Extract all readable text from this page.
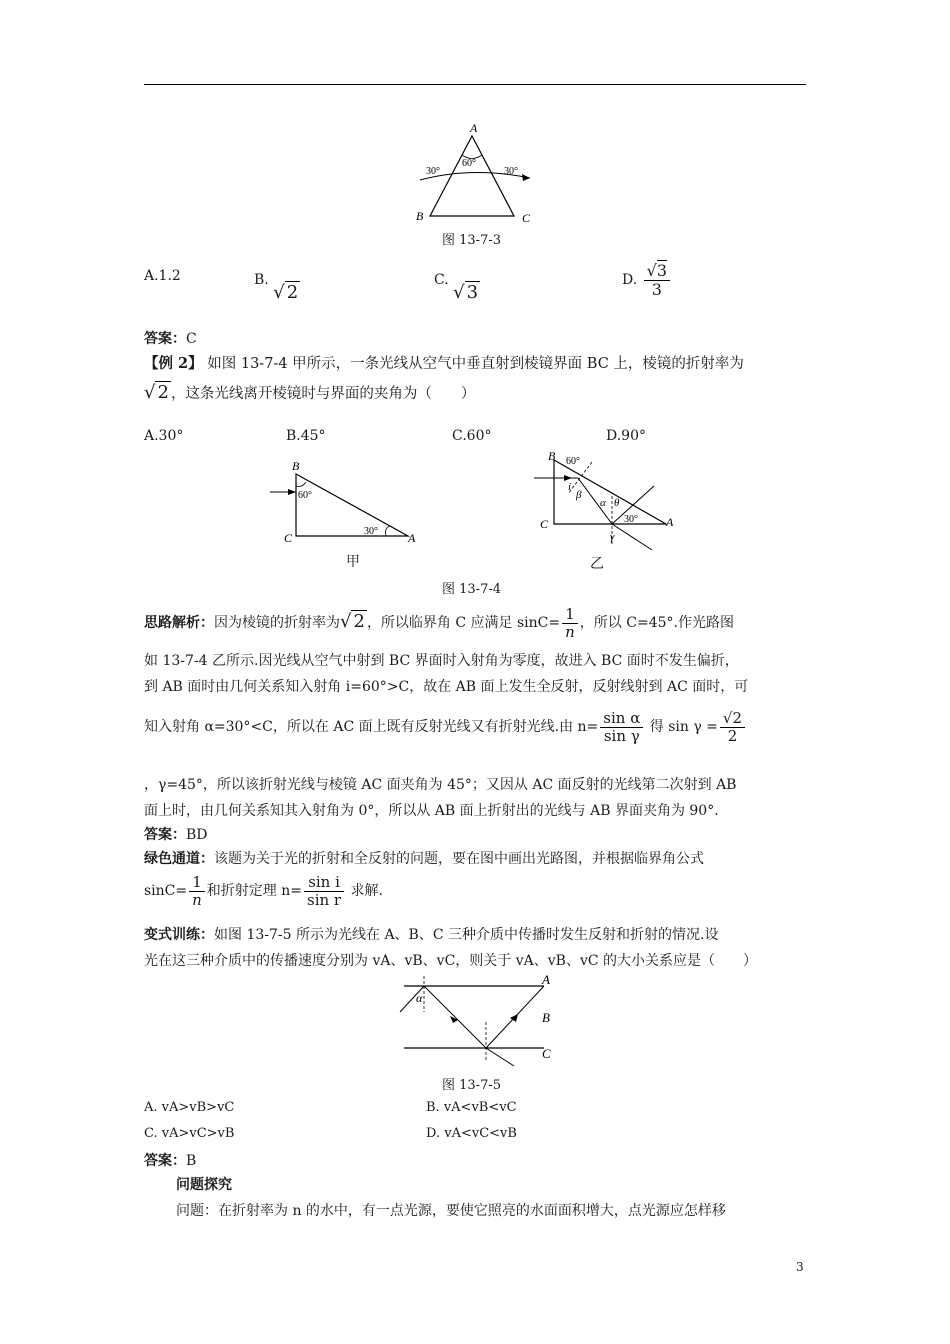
A
B	C
60°
30°	30°
图 13-7-3
A.1.2	B. √ 2
C. √ 3
D. $\frac{√3}{3}$
答案：C
【例 2】 如图 13-7-4 甲所示，一条光线从空气中垂直射到棱镜界面 BC 上，棱镜的折射率为
√ 2 ，这条光线离开棱镜时与界面的夹角为（　　）
A.30°	B.45°	C.60°	D.90°
B
C	A
60°
30°
甲
B
C	A
60°
30°
i
β
α θ
γ
乙
图 13-7-4
思路解析：因为棱镜的折射率为√ 2 ，所以临界角 C 应满足 $\sin C= \frac{1}{n}$ ，所以 C=45°.作光路图
如 13-7-4 乙所示.因光线从空气中射到 BC 界面时入射角为零度，故进入 BC 面时不发生偏折，
到 AB 面时由几何关系知入射角 i=60°>C，故在 AB 面上发生全反射，反射线射到 AC 面时，可
知入射角 α=30°<C，所以在 AC 面上既有反射光线又有折射光线.由 $n= \frac{\text{sin α}}{\text{sin γ}}$ 得 $\sin \gamma = \frac{√2}{2}$
，γ=45°，所以该折射光线与棱镜 AC 面夹角为 45°；又因从 AC 面反射的光线第二次射到 AB
面上时，由几何关系知其入射角为 0°，所以从 AB 面上折射出的光线与 AB 界面夹角为 90°.
答案：BD
绿色通道：该题为关于光的折射和全反射的问题，要在图中画出光路图，并根据临界角公式
$\sin C= \frac{1}{n}$ 和折射定理 $n= \frac{\text{sin i}}{\text{sin r}}$ 求解.
变式训练：如图 13-7-5 所示为光线在 A、B、C 三种介质中传播时发生反射和折射的情况.设
光在这三种介质中的传播速度分别为 vA、vB、vC，则关于 vA、vB、vC 的大小关系应是（　　）
A
B
C
α
图 13-7-5
A. vA>vB>vC	B. vA<vB<vC
C. vA>vC>vB	D. vA<vC<vB
答案：B
问题探究
问题：在折射率为 n 的水中，有一点光源，要使它照亮的水面面积增大，点光源应怎样移
3
